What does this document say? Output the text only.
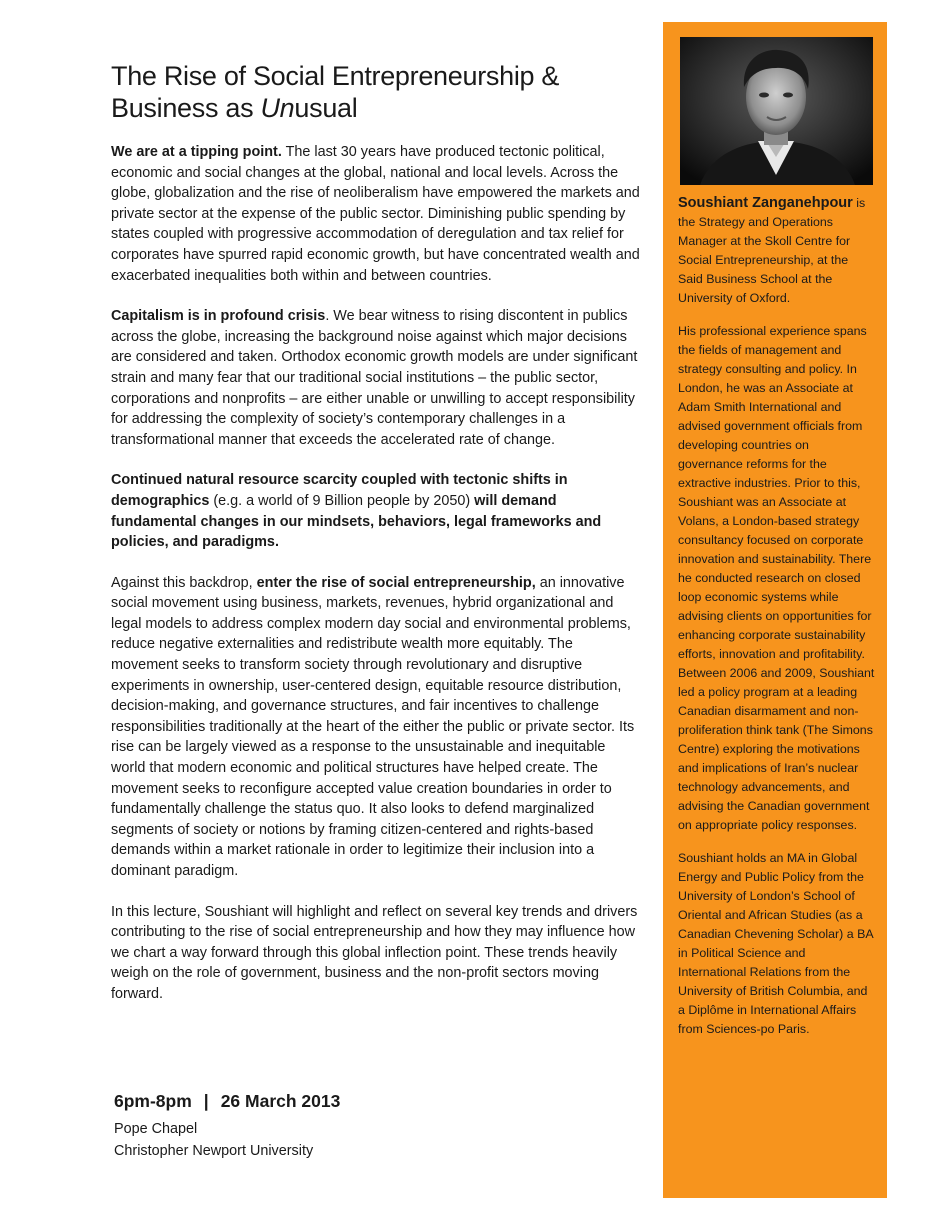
The Rise of Social Entrepreneurship &
Business as Unusual

We are at a tipping point. The last 30 years have produced tectonic political, economic and social changes at the global, national and local levels. Across the globe, globalization and the rise of neoliberalism have empowered the markets and private sector at the expense of the public sector. Diminishing public spending by states coupled with progressive accommodation of deregulation and tax relief for corporates have spurred rapid economic growth, but have concentrated wealth and exacerbated inequalities both within and between countries.

Capitalism is in profound crisis. We bear witness to rising discontent in publics across the globe, increasing the background noise against which major decisions are considered and taken. Orthodox economic growth models are under significant strain and many fear that our traditional social institutions – the public sector, corporations and nonprofits – are either unable or unwilling to accept responsibility for addressing the complexity of society’s contemporary challenges in a transformational manner that exceeds the accelerated rate of change.

Continued natural resource scarcity coupled with tectonic shifts in demographics (e.g. a world of 9 Billion people by 2050) will demand fundamental changes in our mindsets, behaviors, legal frameworks and policies, and paradigms.

Against this backdrop, enter the rise of social entrepreneurship, an innovative social movement using business, markets, revenues, hybrid organizational and legal models to address complex modern day social and environmental problems, reduce negative externalities and redistribute wealth more equitably. The movement seeks to transform society through revolutionary and disruptive experiments in ownership, user-centered design, equitable resource distribution, decision-making, and governance structures, and fair incentives to challenge responsibilities traditionally at the heart of the either the public or private sector. Its rise can be largely viewed as a response to the unsustainable and inequitable world that modern economic and political structures have helped create. The movement seeks to reconfigure accepted value creation boundaries in order to fundamentally challenge the status quo. It also looks to defend marginalized segments of society or notions by framing citizen-centered and rights-based demands within a market rationale in order to legitimize their inclusion into a dominant paradigm.

In this lecture, Soushiant will highlight and reflect on several key trends and drivers contributing to the rise of social entrepreneurship and how they may influence how we chart a way forward through this global inflection point. These trends heavily weigh on the role of government, business and the non-profit sectors moving forward.

6pm-8pm | 26 March 2013
Pope Chapel
Christopher Newport University

Soushiant Zanganehpour is the Strategy and Operations Manager at the Skoll Centre for Social Entrepreneurship, at the Said Business School at the University of Oxford.

His professional experience spans the fields of management and strategy consulting and policy. In London, he was an Associate at Adam Smith International and advised government officials from developing countries on governance reforms for the extractive industries. Prior to this, Soushiant was an Associate at Volans, a London-based strategy consultancy focused on corporate innovation and sustainability. There he conducted research on closed loop economic systems while advising clients on opportunities for enhancing corporate sustainability efforts, innovation and profitability. Between 2006 and 2009, Soushiant led a policy program at a leading Canadian disarmament and non-proliferation think tank (The Simons Centre) exploring the motivations and implications of Iran’s nuclear technology advancements, and advising the Canadian government on appropriate policy responses.

Soushiant holds an MA in Global Energy and Public Policy from the University of London’s School of Oriental and African Studies (as a Canadian Chevening Scholar) a BA in Political Science and International Relations from the University of British Columbia, and a Diplôme in International Affairs from Sciences-po Paris.
